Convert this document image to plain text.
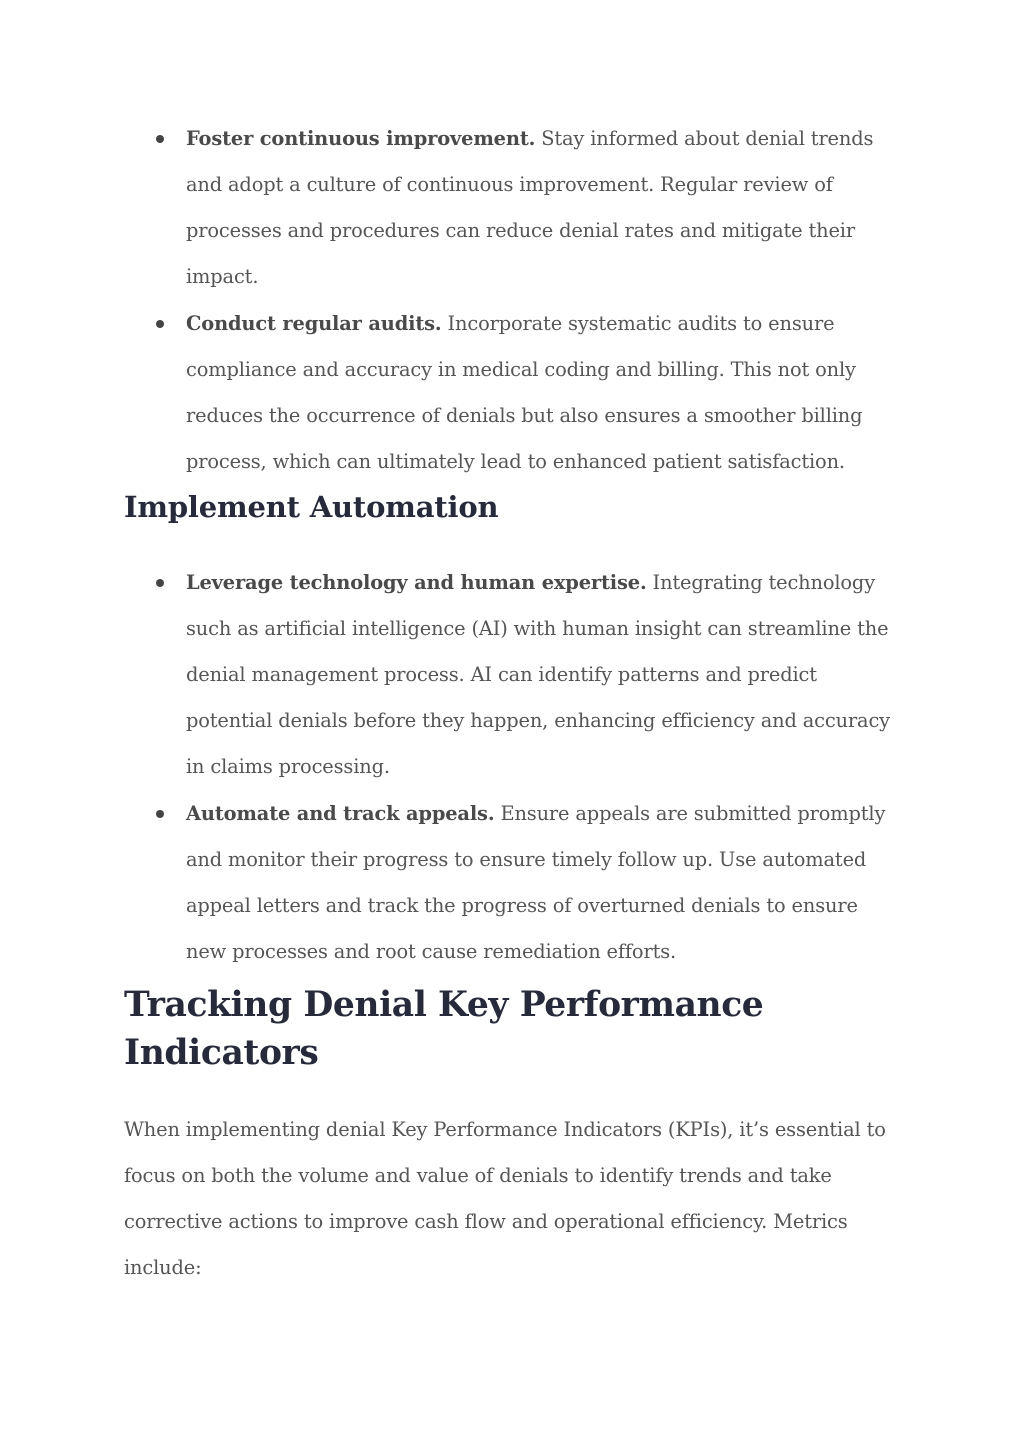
Foster continuous improvement. Stay informed about denial trends and adopt a culture of continuous improvement. Regular review of processes and procedures can reduce denial rates and mitigate their impact.
Conduct regular audits. Incorporate systematic audits to ensure compliance and accuracy in medical coding and billing. This not only reduces the occurrence of denials but also ensures a smoother billing process, which can ultimately lead to enhanced patient satisfaction.
Implement Automation
Leverage technology and human expertise. Integrating technology such as artificial intelligence (AI) with human insight can streamline the denial management process. AI can identify patterns and predict potential denials before they happen, enhancing efficiency and accuracy in claims processing.
Automate and track appeals. Ensure appeals are submitted promptly and monitor their progress to ensure timely follow up. Use automated appeal letters and track the progress of overturned denials to ensure new processes and root cause remediation efforts.
Tracking Denial Key Performance Indicators

When implementing denial Key Performance Indicators (KPIs), it’s essential to focus on both the volume and value of denials to identify trends and take corrective actions to improve cash flow and operational efficiency. Metrics include:
